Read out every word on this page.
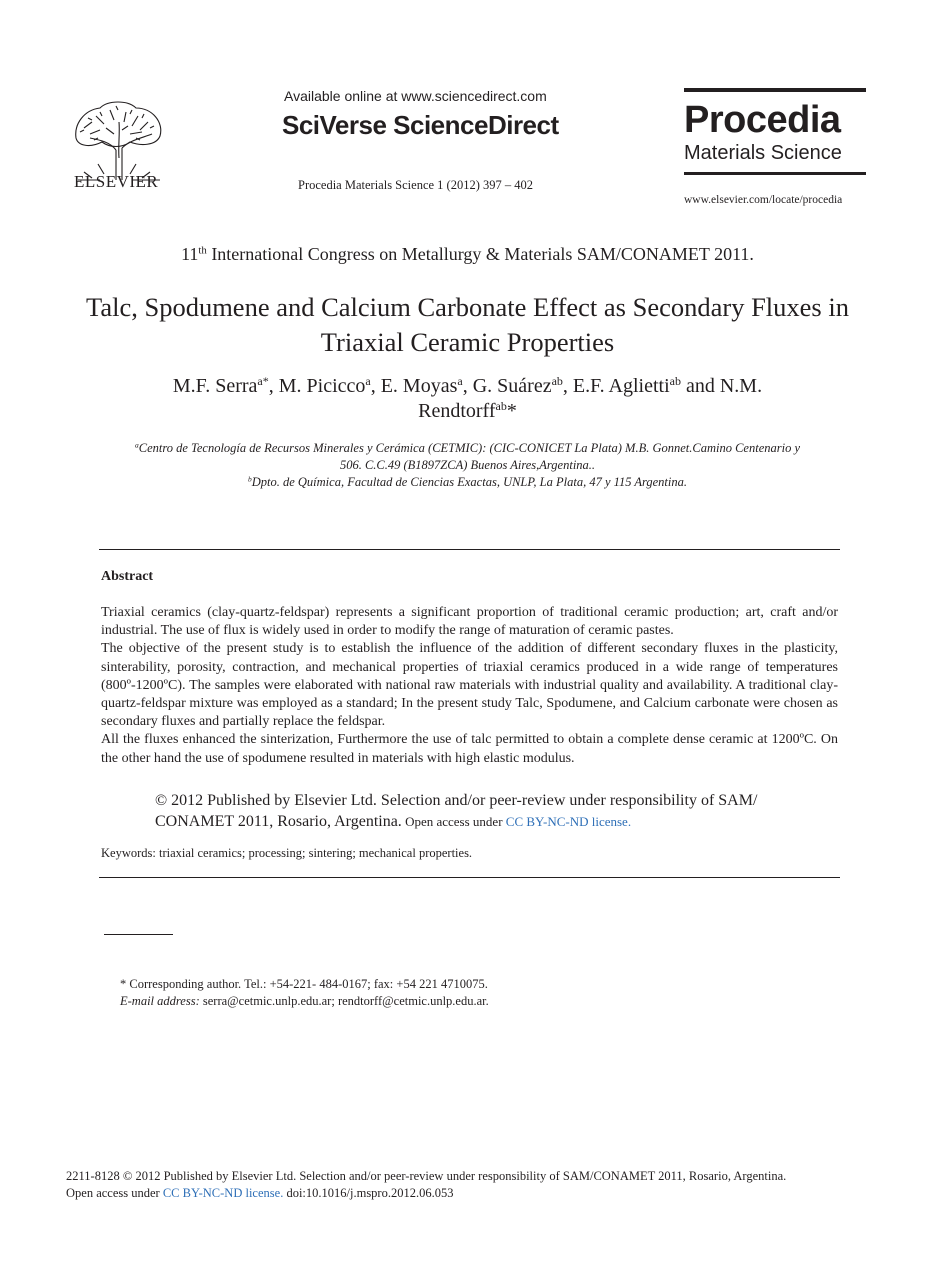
ELSEVIER
Available online at www.sciencedirect.com
SciVerse ScienceDirect
Procedia Materials Science 1 (2012) 397 – 402
Procedia
Materials Science
www.elsevier.com/locate/procedia
11th International Congress on Metallurgy & Materials SAM/CONAMET 2011.
Talc, Spodumene and Calcium Carbonate Effect as Secondary Fluxes in Triaxial Ceramic Properties
M.F. Serra$^{a*}$, M. Picicco$^a$, E. Moyas$^a$, G. Suárez$^{ab}$, E.F. Aglietti$^{ab}$ and N.M.
Rendtorff$^{ab}$*
$^a$Centro de Tecnología de Recursos Minerales y Cerámica (CETMIC): (CIC-CONICET La Plata) M.B. Gonnet.Camino Centenario y
506. C.C.49 (B1897ZCA) Buenos Aires,Argentina..
$^b$Dpto. de Química, Facultad de Ciencias Exactas, UNLP, La Plata, 47 y 115 Argentina.
Abstract

Triaxial ceramics (clay-quartz-feldspar) represents a significant proportion of traditional ceramic production; art, craft and/or industrial. The use of flux is widely used in order to modify the range of maturation of ceramic pastes.

The objective of the present study is to establish the influence of the addition of different secondary fluxes in the plasticity, sinterability, porosity, contraction, and mechanical properties of triaxial ceramics produced in a wide range of temperatures (800º-1200ºC). The samples were elaborated with national raw materials with industrial quality and availability. A traditional clay-quartz-feldspar mixture was employed as a standard; In the present study Talc, Spodumene, and Calcium carbonate were chosen as secondary fluxes and partially replace the feldspar.

All the fluxes enhanced the sinterization, Furthermore the use of talc permitted to obtain a complete dense ceramic at 1200ºC. On the other hand the use of spodumene resulted in materials with high elastic modulus.

© 2012 Published by Elsevier Ltd. Selection and/or peer-review under responsibility of SAM/
CONAMET 2011, Rosario, Argentina. Open access under CC BY-NC-ND license.
Keywords: triaxial ceramics; processing; sintering; mechanical properties.
* Corresponding author. Tel.: +54-221- 484-0167; fax: +54 221 4710075.
E-mail address: serra@cetmic.unlp.edu.ar; rendtorff@cetmic.unlp.edu.ar.
2211-8128 © 2012 Published by Elsevier Ltd. Selection and/or peer-review under responsibility of SAM/CONAMET 2011, Rosario, Argentina.
Open access under CC BY-NC-ND license. doi:10.1016/j.mspro.2012.06.053
